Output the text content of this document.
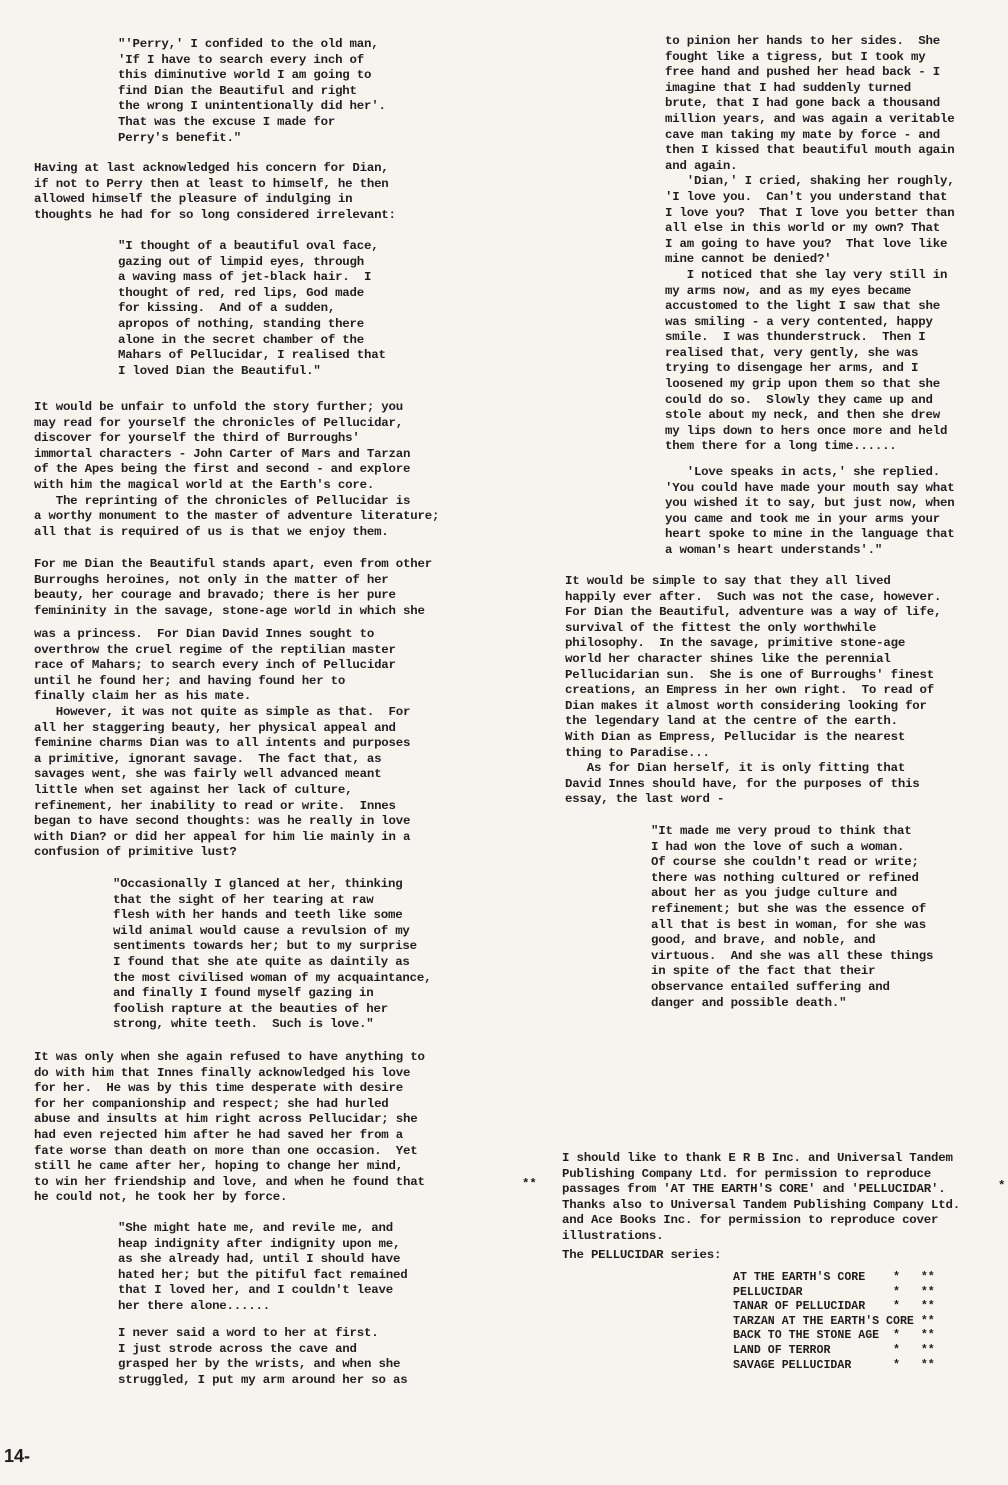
"'Perry,' I confided to the old man,
'If I have to search every inch of
this diminutive world I am going to
find Dian the Beautiful and right
the wrong I unintentionally did her'.
That was the excuse I made for
Perry's benefit."

Having at last acknowledged his concern for Dian,
if not to Perry then at least to himself, he then
allowed himself the pleasure of indulging in
thoughts he had for so long considered irrelevant:

"I thought of a beautiful oval face,
gazing out of limpid eyes, through
a waving mass of jet-black hair.  I
thought of red, red lips, God made
for kissing.  And of a sudden,
apropos of nothing, standing there
alone in the secret chamber of the
Mahars of Pellucidar, I realised that
I loved Dian the Beautiful."

It would be unfair to unfold the story further; you
may read for yourself the chronicles of Pellucidar,
discover for yourself the third of Burroughs'
immortal characters - John Carter of Mars and Tarzan
of the Apes being the first and second - and explore
with him the magical world at the Earth's core.
The reprinting of the chronicles of Pellucidar is
a worthy monument to the master of adventure literature;
all that is required of us is that we enjoy them.

For me Dian the Beautiful stands apart, even from other
Burroughs heroines, not only in the matter of her
beauty, her courage and bravado; there is her pure
femininity in the savage, stone-age world in which she

was a princess.  For Dian David Innes sought to
overthrow the cruel regime of the reptilian master
race of Mahars; to search every inch of Pellucidar
until he found her; and having found her to
finally claim her as his mate.
However, it was not quite as simple as that.  For
all her staggering beauty, her physical appeal and
feminine charms Dian was to all intents and purposes
a primitive, ignorant savage.  The fact that, as
savages went, she was fairly well advanced meant
little when set against her lack of culture,
refinement, her inability to read or write.  Innes
began to have second thoughts: was he really in love
with Dian? or did her appeal for him lie mainly in a
confusion of primitive lust?

"Occasionally I glanced at her, thinking
that the sight of her tearing at raw
flesh with her hands and teeth like some
wild animal would cause a revulsion of my
sentiments towards her; but to my surprise
I found that she ate quite as daintily as
the most civilised woman of my acquaintance,
and finally I found myself gazing in
foolish rapture at the beauties of her
strong, white teeth.  Such is love."

It was only when she again refused to have anything to
do with him that Innes finally acknowledged his love
for her.  He was by this time desperate with desire
for her companionship and respect; she had hurled
abuse and insults at him right across Pellucidar; she
had even rejected him after he had saved her from a
fate worse than death on more than one occasion.  Yet
still he came after her, hoping to change her mind,
to win her friendship and love, and when he found that
he could not, he took her by force.

"She might hate me, and revile me, and
heap indignity after indignity upon me,
as she already had, until I should have
hated her; but the pitiful fact remained
that I loved her, and I couldn't leave
her there alone......

I never said a word to her at first.
I just strode across the cave and
grasped her by the wrists, and when she
struggled, I put my arm around her so as

to pinion her hands to her sides.  She
fought like a tigress, but I took my
free hand and pushed her head back - I
imagine that I had suddenly turned
brute, that I had gone back a thousand
million years, and was again a veritable
cave man taking my mate by force - and
then I kissed that beautiful mouth again
and again.
'Dian,' I cried, shaking her roughly,
'I love you.  Can't you understand that
I love you?  That I love you better than
all else in this world or my own? That
I am going to have you?  That love like
mine cannot be denied?'
I noticed that she lay very still in
my arms now, and as my eyes became
accustomed to the light I saw that she
was smiling - a very contented, happy
smile.  I was thunderstruck.  Then I
realised that, very gently, she was
trying to disengage her arms, and I
loosened my grip upon them so that she
could do so.  Slowly they came up and
stole about my neck, and then she drew
my lips down to hers once more and held
them there for a long time......

'Love speaks in acts,' she replied.
'You could have made your mouth say what
you wished it to say, but just now, when
you came and took me in your arms your
heart spoke to mine in the language that
a woman's heart understands'."

It would be simple to say that they all lived
happily ever after.  Such was not the case, however.
For Dian the Beautiful, adventure was a way of life,
survival of the fittest the only worthwhile
philosophy.  In the savage, primitive stone-age
world her character shines like the perennial
Pellucidarian sun.  She is one of Burroughs' finest
creations, an Empress in her own right.  To read of
Dian makes it almost worth considering looking for
the legendary land at the centre of the earth.
With Dian as Empress, Pellucidar is the nearest
thing to Paradise...
As for Dian herself, it is only fitting that
David Innes should have, for the purposes of this
essay, the last word -

"It made me very proud to think that
I had won the love of such a woman.
Of course she couldn't read or write;
there was nothing cultured or refined
about her as you judge culture and
refinement; but she was the essence of
all that is best in woman, for she was
good, and brave, and noble, and
virtuous.  And she was all these things
in spite of the fact that their
observance entailed suffering and
danger and possible death."

I should like to thank E R B Inc. and Universal Tandem
Publishing Company Ltd. for permission to reproduce
passages from 'AT THE EARTH'S CORE' and 'PELLUCIDAR'.
Thanks also to Universal Tandem Publishing Company Ltd.
and Ace Books Inc. for permission to reproduce cover
illustrations.

**	*

The PELLUCIDAR series:

AT THE EARTH'S CORE    *   **
PELLUCIDAR             *   **
TANAR OF PELLUCIDAR    *   **
TARZAN AT THE EARTH'S CORE **
BACK TO THE STONE AGE  *   **
LAND OF TERROR         *   **
SAVAGE PELLUCIDAR      *   **
14-
